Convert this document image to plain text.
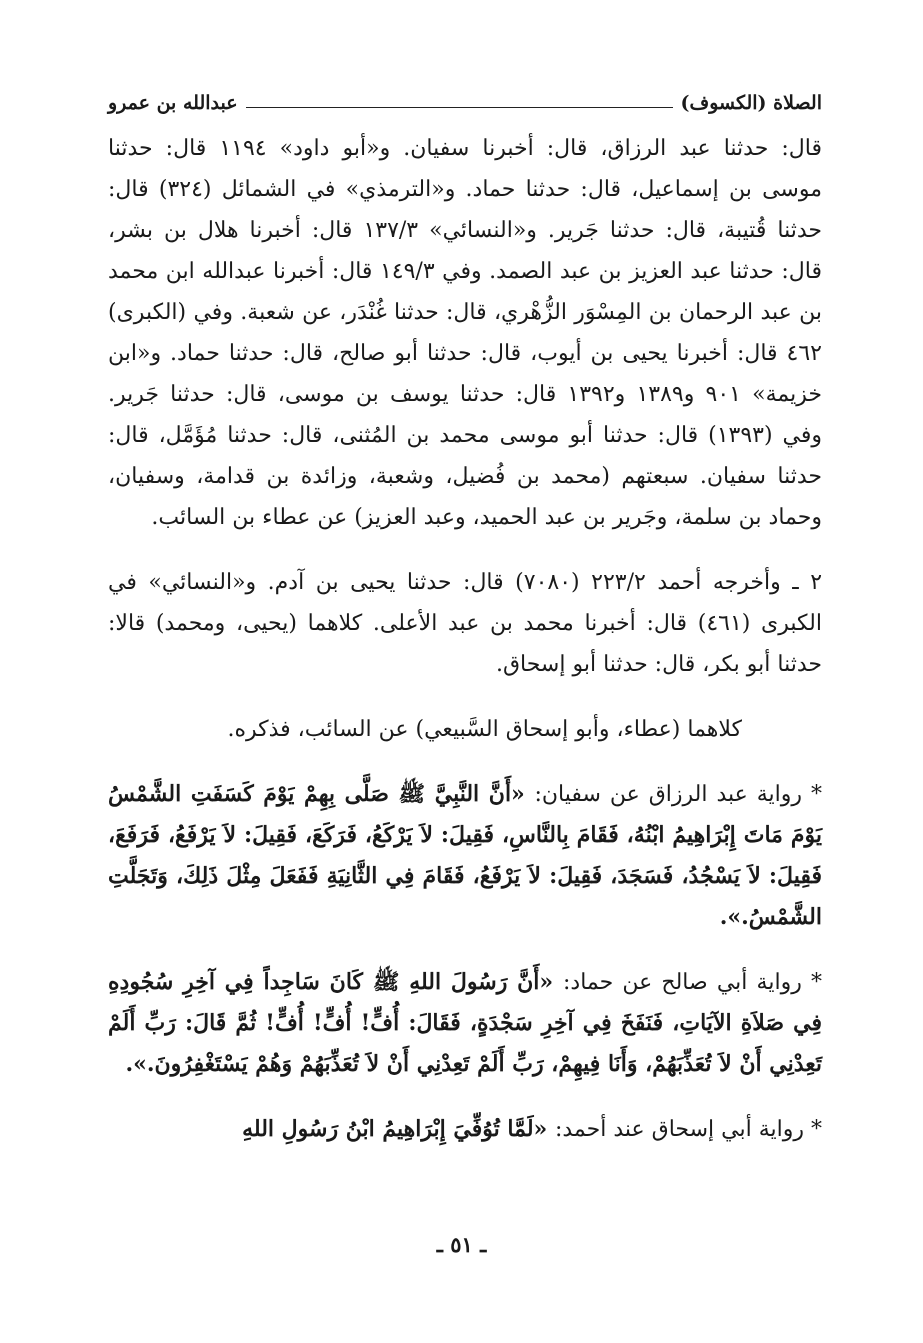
الصلاة (الكسوف)
عبدالله بن عمرو

قال: حدثنا عبد الرزاق، قال: أخبرنا سفيان. و«أبو داود» ١١٩٤ قال: حدثنا موسى بن إسماعيل، قال: حدثنا حماد. و«الترمذي» في الشمائل (٣٢٤) قال: حدثنا قُتيبة، قال: حدثنا جَرير. و«النسائي» ١٣٧/٣ قال: أخبرنا هلال بن بشر، قال: حدثنا عبد العزيز بن عبد الصمد. وفي ١٤٩/٣ قال: أخبرنا عبدالله ابن محمد بن عبد الرحمان بن المِسْوَر الزُّهْري، قال: حدثنا غُنْدَر، عن شعبة. وفي (الكبرى) ٤٦٢ قال: أخبرنا يحيى بن أيوب، قال: حدثنا أبو صالح، قال: حدثنا حماد. و«ابن خزيمة» ٩٠١ و١٣٨٩ و١٣٩٢ قال: حدثنا يوسف بن موسى، قال: حدثنا جَرير. وفي (١٣٩٣) قال: حدثنا أبو موسى محمد بن المُثنى، قال: حدثنا مُؤَمَّل، قال: حدثنا سفيان. سبعتهم (محمد بن فُضيل، وشعبة، وزائدة بن قدامة، وسفيان، وحماد بن سلمة، وجَرير بن عبد الحميد، وعبد العزيز) عن عطاء بن السائب.

٢ ـ وأخرجه أحمد ٢٢٣/٢ (٧٠٨٠) قال: حدثنا يحيى بن آدم. و«النسائي» في الكبرى (٤٦١) قال: أخبرنا محمد بن عبد الأعلى. كلاهما (يحيى، ومحمد) قالا: حدثنا أبو بكر، قال: حدثنا أبو إسحاق.

كلاهما (عطاء، وأبو إسحاق السَّبيعي) عن السائب، فذكره.

* رواية عبد الرزاق عن سفيان: «أَنَّ النَّبِيَّ ﷺ صَلَّى بِهِمْ يَوْمَ كَسَفَتِ الشَّمْسُ يَوْمَ مَاتَ إِبْرَاهِيمُ ابْنُهُ، فَقَامَ بِالنَّاسِ، فَقِيلَ: لاَ يَرْكَعُ، فَرَكَعَ، فَقِيلَ: لاَ يَرْفَعُ، فَرَفَعَ، فَقِيلَ: لاَ يَسْجُدُ، فَسَجَدَ، فَقِيلَ: لاَ يَرْفَعُ، فَقَامَ فِي الثَّانِيَةِ فَفَعَلَ مِثْلَ ذَلِكَ، وَتَجَلَّتِ الشَّمْسُ.».

* رواية أبي صالح عن حماد: «أَنَّ رَسُولَ اللهِ ﷺ كَانَ سَاجِداً فِي آخِرِ سُجُودِهِ فِي صَلاَةِ الآيَاتِ، فَنَفَخَ فِي آخِرِ سَجْدَةٍ، فَقَالَ: أُفٍّ! أُفٍّ! أُفٍّ! ثُمَّ قَالَ: رَبِّ أَلَمْ تَعِدْنِي أَنْ لاَ تُعَذِّبَهُمْ، وَأَنَا فِيهِمْ، رَبِّ أَلَمْ تَعِدْنِي أَنْ لاَ تُعَذِّبَهُمْ وَهُمْ يَسْتَغْفِرُونَ.».

* رواية أبي إسحاق عند أحمد: «لَمَّا تُوُفِّيَ إِبْرَاهِيمُ ابْنُ رَسُولِ اللهِ

ـ ٥١ ـ
